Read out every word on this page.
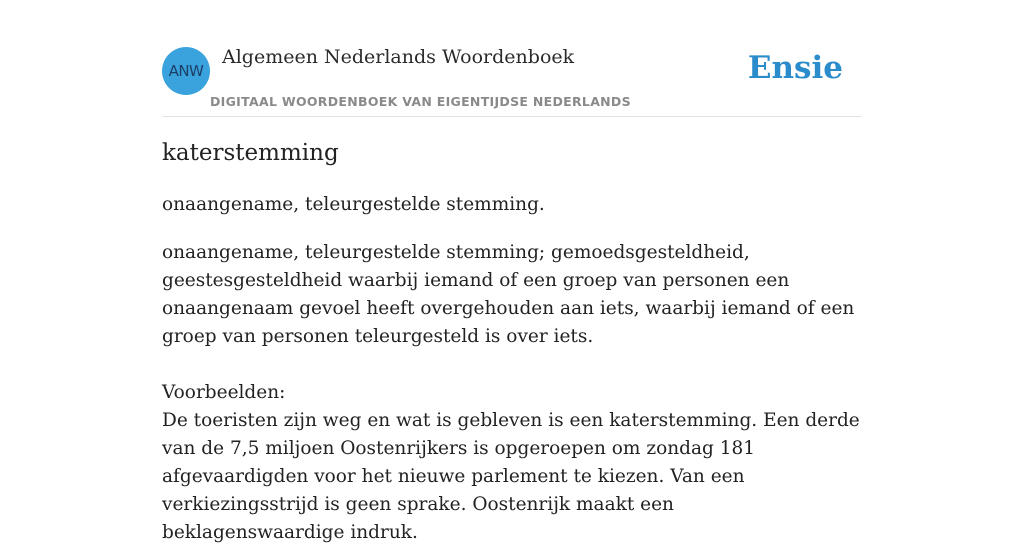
ANW
Algemeen Nederlands Woordenboek
DIGITAAL WOORDENBOEK VAN EIGENTIJDSE NEDERLANDS
Ensie
katerstemming
onaangename, teleurgestelde stemming.
onaangename, teleurgestelde stemming; gemoedsgesteldheid, geestesgesteldheid waarbij iemand of een groep van personen een onaangenaam gevoel heeft overgehouden aan iets, waarbij iemand of een groep van personen teleurgesteld is over iets.
Voorbeelden:
De toeristen zijn weg en wat is gebleven is een katerstemming. Een derde van de 7,5 miljoen Oostenrijkers is opgeroepen om zondag 181 afgevaardigden voor het nieuwe parlement te kiezen. Van een verkiezingsstrijd is geen sprake. Oostenrijk maakt een beklagenswaardige indruk.
